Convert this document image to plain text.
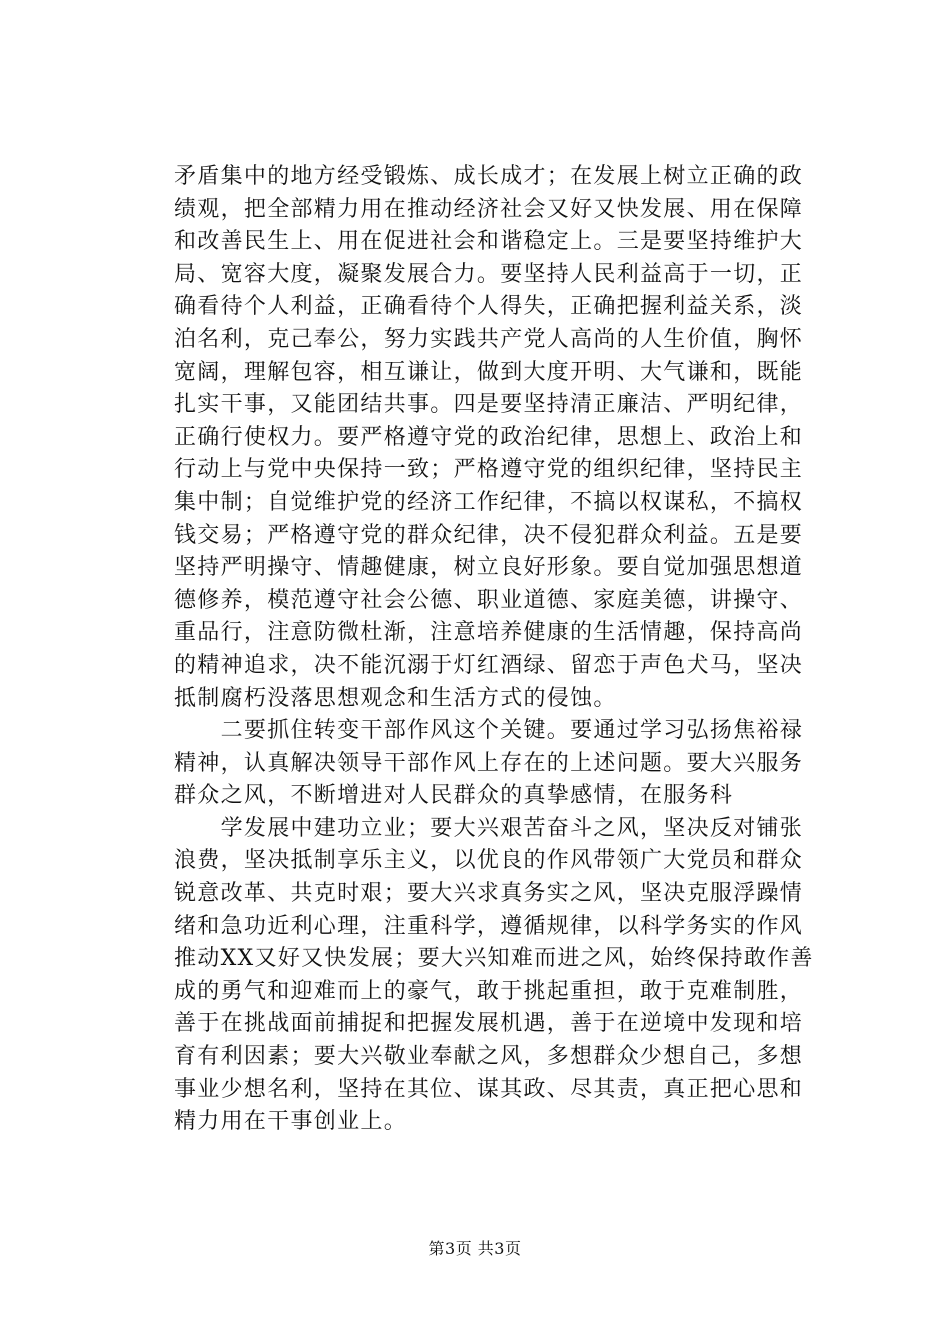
矛盾集中的地方经受锻炼、成长成才；在发展上树立正确的政
绩观，把全部精力用在推动经济社会又好又快发展、用在保障
和改善民生上、用在促进社会和谐稳定上。三是要坚持维护大
局、宽容大度，凝聚发展合力。要坚持人民利益高于一切，正
确看待个人利益，正确看待个人得失，正确把握利益关系，淡
泊名利，克己奉公，努力实践共产党人高尚的人生价值，胸怀
宽阔，理解包容，相互谦让，做到大度开明、大气谦和，既能
扎实干事，又能团结共事。四是要坚持清正廉洁、严明纪律，
正确行使权力。要严格遵守党的政治纪律，思想上、政治上和
行动上与党中央保持一致；严格遵守党的组织纪律，坚持民主
集中制；自觉维护党的经济工作纪律，不搞以权谋私，不搞权
钱交易；严格遵守党的群众纪律，决不侵犯群众利益。五是要
坚持严明操守、情趣健康，树立良好形象。要自觉加强思想道
德修养，模范遵守社会公德、职业道德、家庭美德，讲操守、
重品行，注意防微杜渐，注意培养健康的生活情趣，保持高尚
的精神追求，决不能沉溺于灯红酒绿、留恋于声色犬马，坚决
抵制腐朽没落思想观念和生活方式的侵蚀。
　　二要抓住转变干部作风这个关键。要通过学习弘扬焦裕禄
精神，认真解决领导干部作风上存在的上述问题。要大兴服务
群众之风，不断增进对人民群众的真挚感情，在服务科
　　学发展中建功立业；要大兴艰苦奋斗之风，坚决反对铺张
浪费，坚决抵制享乐主义，以优良的作风带领广大党员和群众
锐意改革、共克时艰；要大兴求真务实之风，坚决克服浮躁情
绪和急功近利心理，注重科学，遵循规律，以科学务实的作风
推动XX又好又快发展；要大兴知难而进之风，始终保持敢作善
成的勇气和迎难而上的豪气，敢于挑起重担，敢于克难制胜，
善于在挑战面前捕捉和把握发展机遇，善于在逆境中发现和培
育有利因素；要大兴敬业奉献之风，多想群众少想自己，多想
事业少想名利，坚持在其位、谋其政、尽其责，真正把心思和
精力用在干事创业上。
第3页 共3页
